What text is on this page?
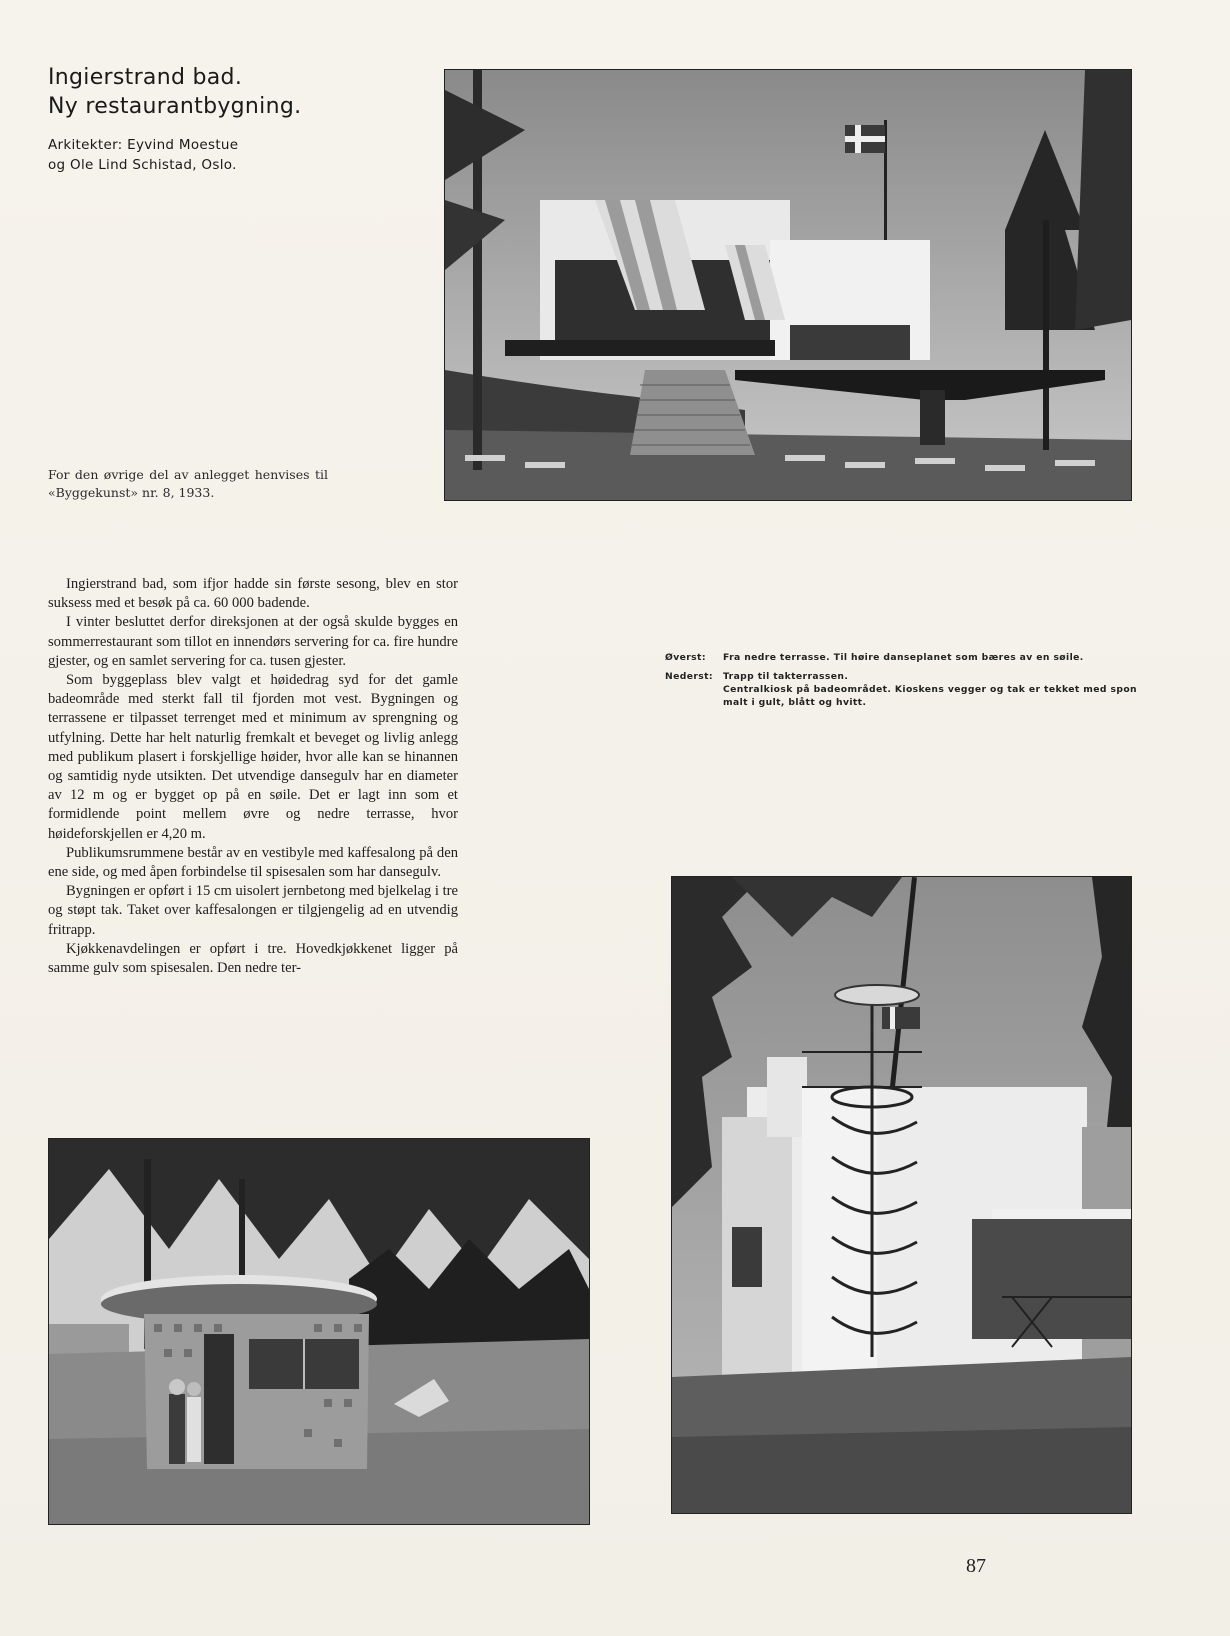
Ingierstrand bad.
Ny restaurantbygning.
Arkitekter: Eyvind Moestue
og Ole Lind Schistad, Oslo.
For den øvrige del av anlegget henvises til «Byggekunst» nr. 8, 1933.

Ingierstrand bad, som ifjor hadde sin første sesong, blev en stor suksess med et besøk på ca. 60 000 badende.

I vinter besluttet derfor direksjonen at der også skulde bygges en sommerrestaurant som tillot en innendørs servering for ca. fire hundre gjester, og en samlet servering for ca. tusen gjester.

Som byggeplass blev valgt et høidedrag syd for det gamle badeområde med sterkt fall til fjorden mot vest. Bygningen og terrassene er tilpasset terrenget med et minimum av sprengning og utfylning. Dette har helt naturlig fremkalt et beveget og livlig anlegg med publikum plasert i forskjellige høider, hvor alle kan se hinannen og samtidig nyde utsikten. Det utvendige dansegulv har en diameter av 12 m og er bygget op på en søile. Det er lagt inn som et formidlende point mellem øvre og nedre terrasse, hvor høideforskjellen er 4,20 m.

Publikumsrummene består av en vestibyle med kaffesalong på den ene side, og med åpen forbindelse til spisesalen som har dansegulv.

Bygningen er opført i 15 cm uisolert jernbetong med bjelkelag i tre og støpt tak. Taket over kaffesalongen er tilgjengelig ad en utvendig fritrapp.

Kjøkkenavdelingen er opført i tre. Hovedkjøkkenet ligger på samme gulv som spisesalen. Den nedre ter-

Øverst:	Fra nedre terrasse. Til høire danseplanet som bæres av en søile.
Nederst:	Trapp til takterrassen.
Centralkiosk på badeområdet. Kioskens vegger og tak er tekket med spon malt i gult, blått og hvitt.
87
